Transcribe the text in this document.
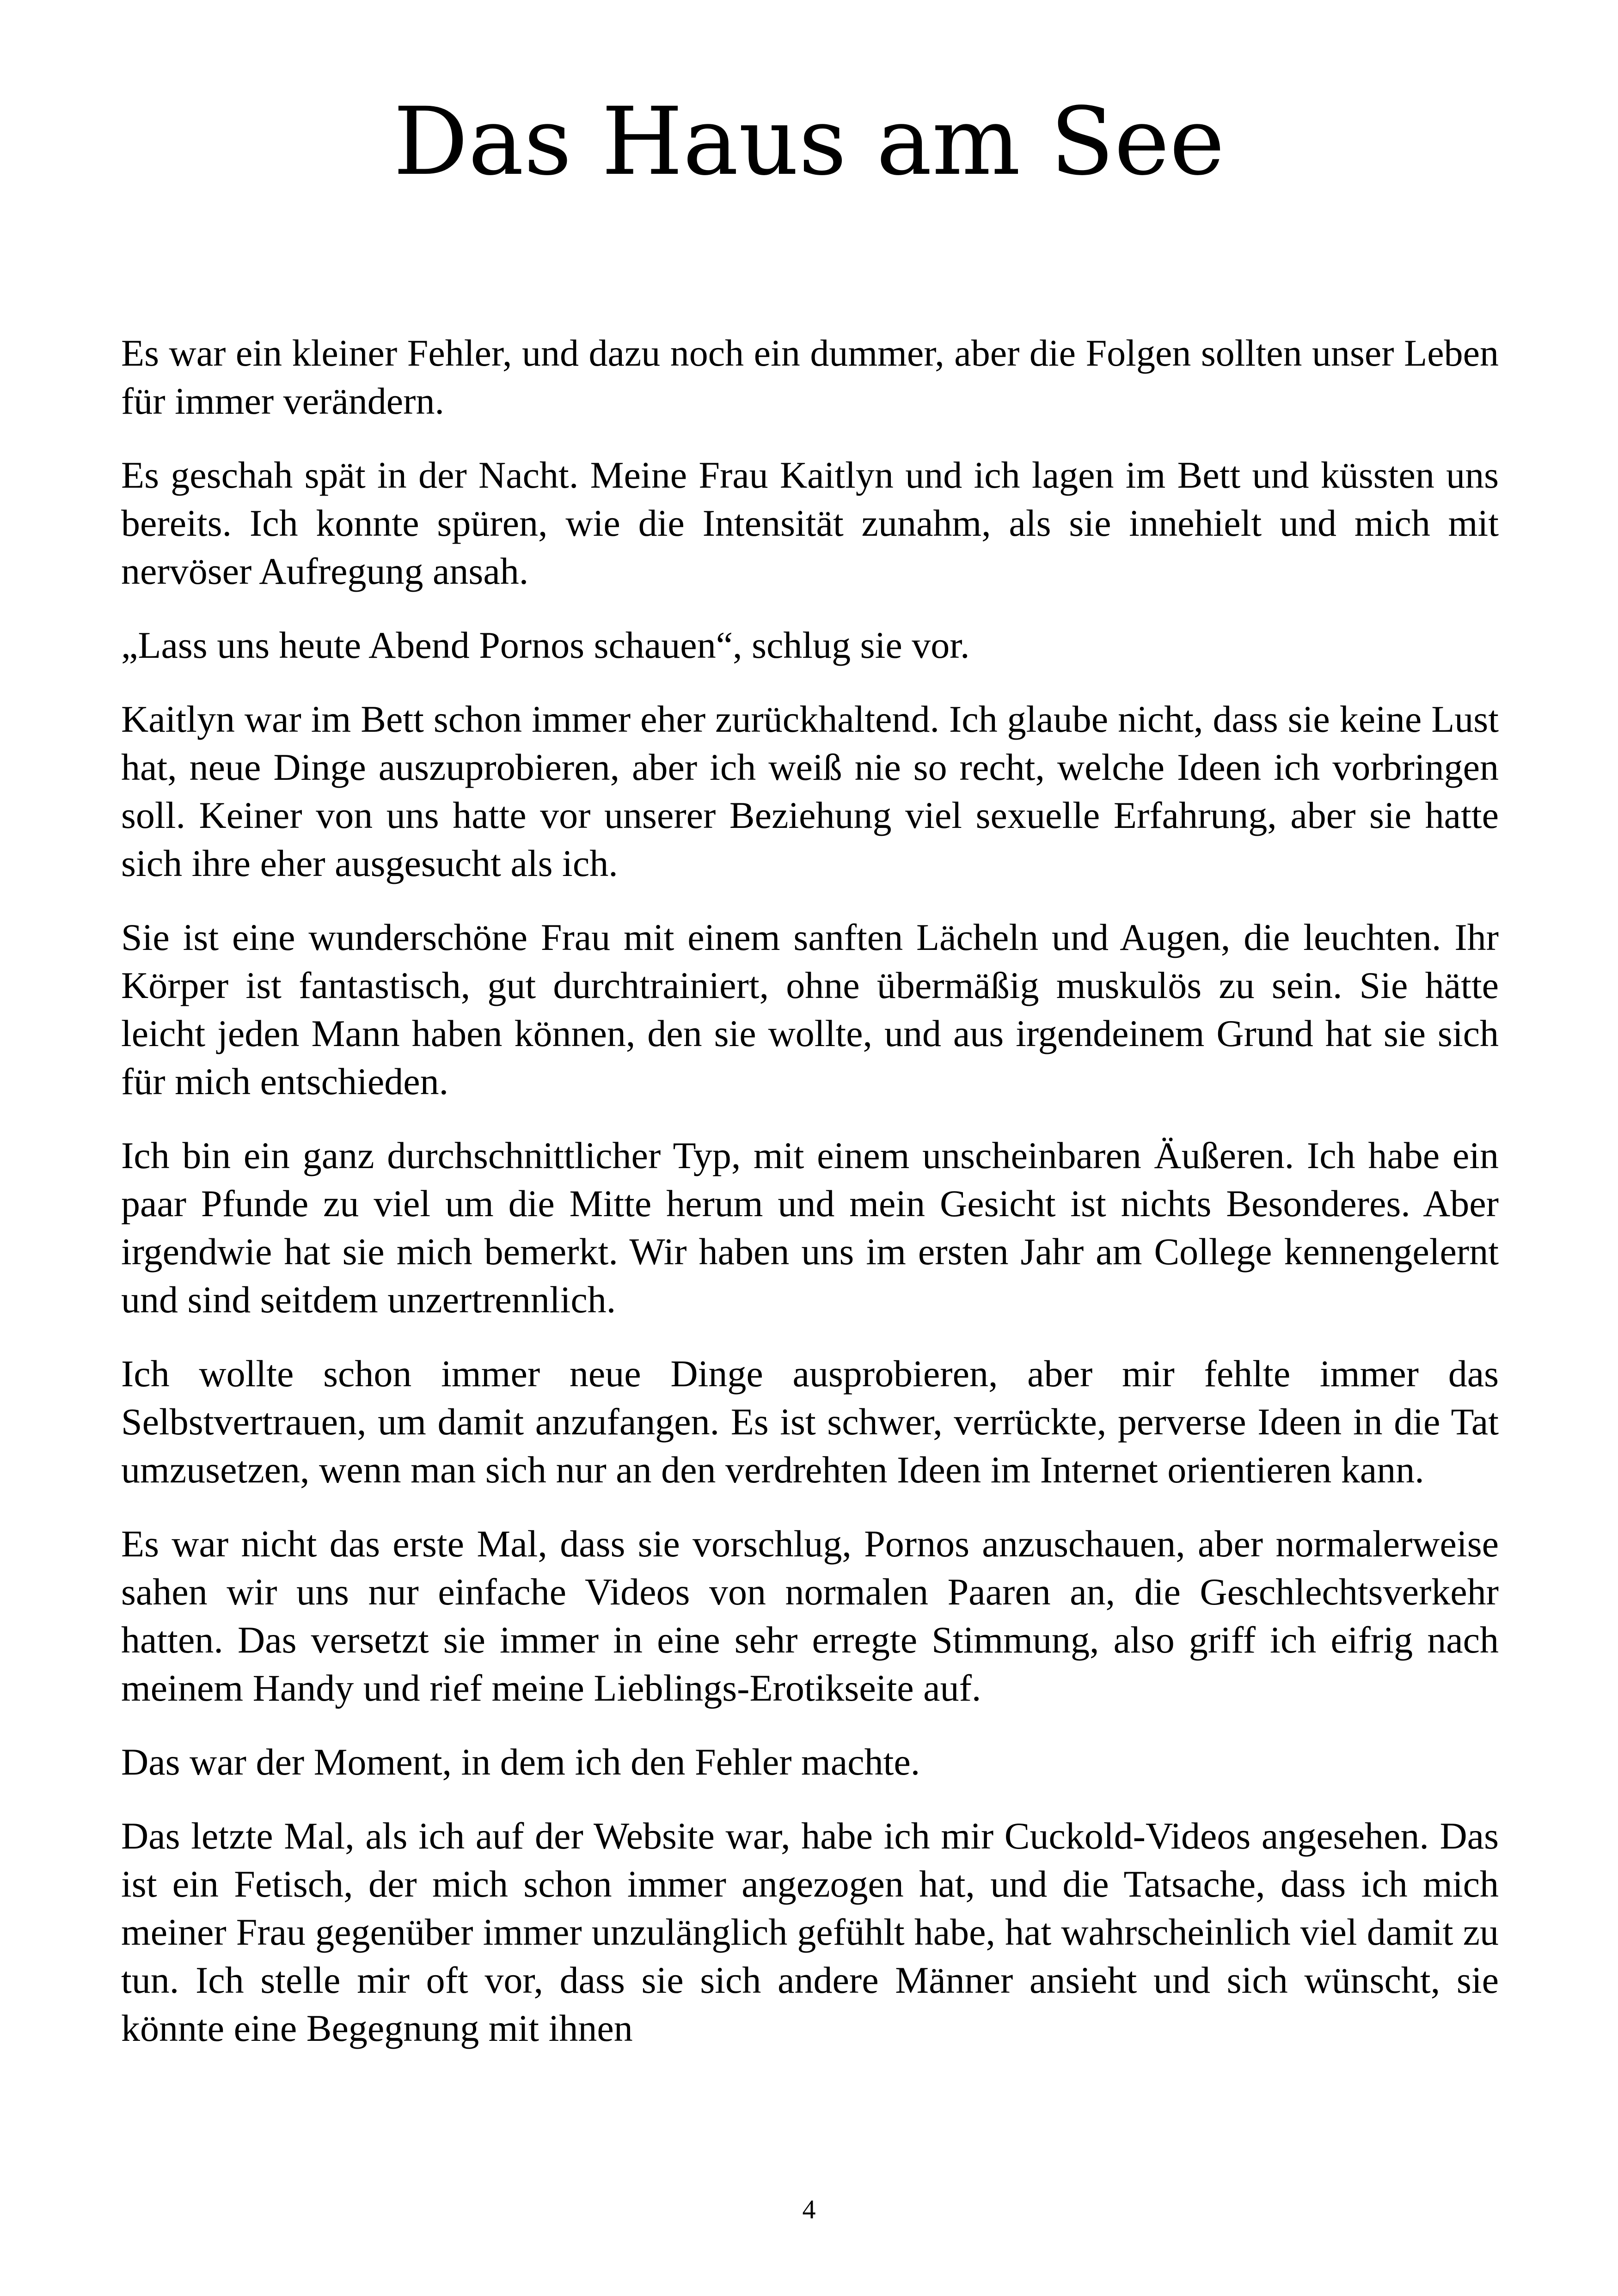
Das Haus am See

Es war ein kleiner Fehler, und dazu noch ein dummer, aber die Folgen sollten unser Leben für immer verändern.

Es geschah spät in der Nacht. Meine Frau Kaitlyn und ich lagen im Bett und küssten uns bereits. Ich konnte spüren, wie die Intensität zunahm, als sie innehielt und mich mit nervöser Aufregung ansah.

„Lass uns heute Abend Pornos schauen“, schlug sie vor.

Kaitlyn war im Bett schon immer eher zurückhaltend. Ich glaube nicht, dass sie keine Lust hat, neue Dinge auszuprobieren, aber ich weiß nie so recht, welche Ideen ich vorbringen soll. Keiner von uns hatte vor unserer Beziehung viel sexuelle Erfahrung, aber sie hatte sich ihre eher ausgesucht als ich.

Sie ist eine wunderschöne Frau mit einem sanften Lächeln und Augen, die leuchten. Ihr Körper ist fantastisch, gut durchtrainiert, ohne übermäßig muskulös zu sein. Sie hätte leicht jeden Mann haben können, den sie wollte, und aus irgendeinem Grund hat sie sich für mich entschieden.

Ich bin ein ganz durchschnittlicher Typ, mit einem unscheinbaren Äußeren. Ich habe ein paar Pfunde zu viel um die Mitte herum und mein Gesicht ist nichts Besonderes. Aber irgendwie hat sie mich bemerkt. Wir haben uns im ersten Jahr am College kennengelernt und sind seitdem unzertrennlich.

Ich wollte schon immer neue Dinge ausprobieren, aber mir fehlte immer das Selbstvertrauen, um damit anzufangen. Es ist schwer, verrückte, perverse Ideen in die Tat umzusetzen, wenn man sich nur an den verdrehten Ideen im Internet orientieren kann.

Es war nicht das erste Mal, dass sie vorschlug, Pornos anzuschauen, aber normalerweise sahen wir uns nur einfache Videos von normalen Paaren an, die Geschlechtsverkehr hatten. Das versetzt sie immer in eine sehr erregte Stimmung, also griff ich eifrig nach meinem Handy und rief meine Lieblings-Erotikseite auf.

Das war der Moment, in dem ich den Fehler machte.

Das letzte Mal, als ich auf der Website war, habe ich mir Cuckold-Videos angesehen. Das ist ein Fetisch, der mich schon immer angezogen hat, und die Tatsache, dass ich mich meiner Frau gegenüber immer unzulänglich gefühlt habe, hat wahrscheinlich viel damit zu tun. Ich stelle mir oft vor, dass sie sich andere Männer ansieht und sich wünscht, sie könnte eine Begegnung mit ihnen

4
